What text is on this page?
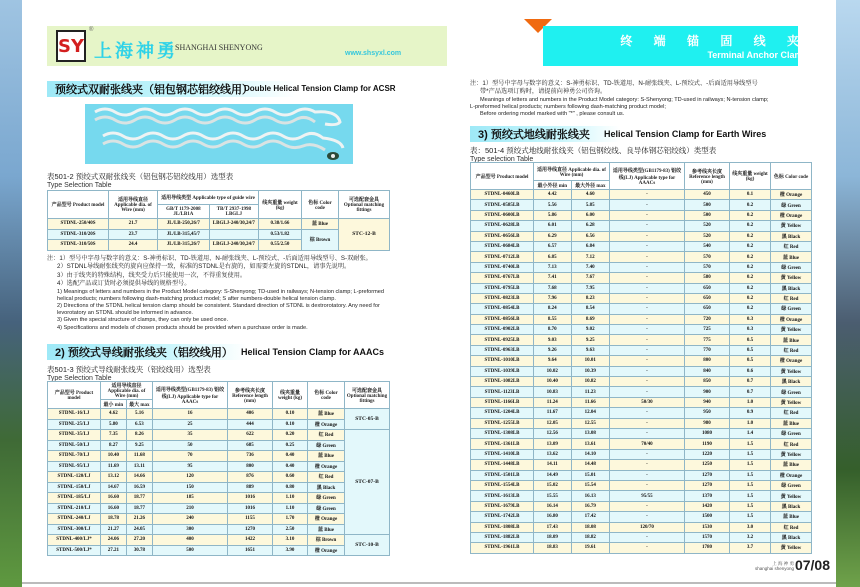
SY
®
上海神勇
SHANGHAI SHENYONG
www.shsyxl.com
终 端 锚 固 线 夹
Terminal Anchor Clamp
预绞式双耐张线夹（铝包钢芯铝绞线用）
Double Helical Tension Clamp for ACSR
表501-2 预绞式双耐张线夹（铝包钢芯铝绞线用）选型表
Type Selection Table
产品型号 Product model	适用导线直径 Applicable dia. of Wire (mm)	适用导线类型 Applicable type of guide wire		线夹重量 weight (kg)	色标 Color code	可选配套金具 Optional matching fittings
		GB/T 1179-2008 JL/LB1A	TB/T 2937-1998 LBGLJ			
STDNL-250/40S	21.7	JL/LB-250,26/7	LBGLJ-240/30,24/7	0.38/1.66	蓝 Blue	STC-12-B
STDNL-310/20S	23.7	JL/LB-315,45/7		0.53/1.82	棕 Brown	
STDNL-310/50S	24.4	JL/LB-315,26/7	LBGLJ-240/30,24/7	0.55/2.50		
注：1）型号中字母与数字的意义：S-神勇标识、TD-铁道用、N-耐张线夹、L-预绞式、-后面适用导线型号、S-双耐张。
2）STDNL导线耐张线夹的旋向应保持一致，标准的STDNL是右旋的，如需要左旋的STDNL，请事先说明。
3）由于线夹的特殊结构，线夹受力后只能使用一次，不得重复使用。
4）选配产品或订货时必须提供导线的规格型号。
1) Meanings of letters and numbers in the Product Model category: S-Shenyong; TD-used in railways; N-tension clamp; L-preformed helical products; numbers following dash-matching product model; S after numbers-double helical tension clamp.
2) Directions of the STDNL helical tension clamp should be consistent. Standard direction of STDNL is dextrorotatory. Any need for levorotatory an STDNL should be informed in advance.
3) Given the special structure of clamps, they can only be used once.
4) Specifications and models of chosen products should be provided when a purchase order is made.
2) 预绞式导线耐张线夹（铝绞线用） Helical Tension Clamp for AAACs
表501-3 预绞式导线耐张线夹（铝绞线用）选型表
Type Selection Table
产品型号 Product model	适用导线直径 Applicable dia. of Wire (mm)		适用导线类型(GB1179-83) 铝绞线(LJ) Applicable type for AAACs	参考线夹长度 Reference length (mm)	线夹重量 weight (kg)	色标 Color code	可选配套金具 Optional matching fittings
	最小 min	最大 max					
STDNL-16/LJ	4.62	5.16	16	406	0.10	蓝 Blue	STC-05-B
STDNL-25/LJ	5.80	6.53	25	444	0.10	橙 Orange	
STDNL-35/LJ	7.35	8.26	35	622	0.20	红 Red	STC-07-B
STDNL-50/LJ	8.27	9.25	50	685	0.25	绿 Green	
STDNL-70/LJ	10.40	11.68	70	736	0.40	蓝 Blue	
STDNL-95/LJ	11.69	13.11	95	800	0.40	橙 Orange	
STDNL-120/LJ	13.12	14.66	120	876	0.60	红 Red	
STDNL-150/LJ	14.67	16.59	150	889	0.80	黑 Black	
STDNL-185/LJ	16.60	18.77	185	1016	1.10	绿 Green	
STDNL-210/LJ	16.60	18.77	210	1016	1.10	绿 Green	
STDNL-240/LJ	18.78	21.26	240	1155	1.70	橙 Orange	
STDNL-300/LJ	21.27	24.05	300	1270	2.50	蓝 Blue	
STDNL-400/LJ*	24.06	27.20	400	1422	3.10	棕 Brown	STC-10-B
STDNL-500/LJ*	27.21	30.78	500	1651	3.90	橙 Orange	
注：1）型号中字母与数字的意义：S-神勇标识、TD-铁道用、N-耐张线夹、L-预绞式、-后面适用导线型号
带*产品选项订购时，请提前向神勇公司咨询。
Meanings of letters and numbers in the Product Model category: S-Shenyong; TD-used in railways; N-tension clamp;
L-preformed helical products; numbers following dash-matching product model;
Before ordering model marked with "*" , please consult us.
3) 预绞式地线耐张线夹 Helical Tension Clamp for Earth Wires
表：501-4 预绞式地线耐张线夹（铝包钢绞线、良导体钢芯铝绞线）类型表
Type selection Table
产品型号 Product model	适用导线直径 Applicable dia. of Wire (mm)		适用导线类型(GB1179-83) 铝绞线(LJ) Applicable type for AAACs	参考线夹长度 Reference length (mm)	线夹重量 weight (kg)	色标 Color code
	最小外径 min	最大外径 max				
STDNL-0460LB	4.42	4.60	-	450	0.1	橙 Orange
STDNL-0585LB	5.56	5.85	-	500	0.2	绿 Green
STDNL-0600LB	5.86	6.00	-	500	0.2	橙 Orange
STDNL-0628LB	6.01	6.28	-	520	0.2	黄 Yellow
STDNL-0656LB	6.29	6.56	-	520	0.2	黑 Black
STDNL-0684LB	6.57	6.84	-	540	0.2	红 Red
STDNL-0712LB	6.85	7.12	-	570	0.2	蓝 Blue
STDNL-0740LB	7.13	7.40	-	570	0.2	绿 Green
STDNL-0767LB	7.41	7.67	-	580	0.2	黄 Yellow
STDNL-0795LB	7.68	7.95	-	650	0.2	黑 Black
STDNL-0823LB	7.96	8.23	-	650	0.2	红 Red
STDNL-0854LB	8.24	8.54	-	650	0.2	绿 Green
STDNL-0856LB	8.55	8.69	-	720	0.3	橙 Orange
STDNL-0902LB	8.70	9.02	-	725	0.3	黄 Yellow
STDNL-0925LB	9.03	9.25	-	775	0.5	蓝 Blue
STDNL-0963LB	9.26	9.63	-	770	0.5	红 Red
STDNL-1010LB	9.64	10.01	-	800	0.5	橙 Orange
STDNL-1039LB	10.02	10.39	-	840	0.6	黄 Yellow
STDNL-1082LB	10.40	10.82	-	850	0.7	黑 Black
STDNL-1123LB	10.83	11.23	-	900	0.7	绿 Green
STDNL-1166LB	11.24	11.66	50/30	940	1.0	黄 Yellow
STDNL-1204LB	11.67	12.04	-	950	0.9	红 Red
STDNL-1255LB	12.05	12.55	-	980	1.0	蓝 Blue
STDNL-1308LB	12.56	13.08	-	1080	1.4	绿 Green
STDNL-1361LB	13.09	13.61	70/40	1190	1.5	红 Red
STDNL-1410LB	13.62	14.10	-	1220	1.5	黄 Yellow
STDNL-1448LB	14.11	14.48	-	1250	1.5	蓝 Blue
STDNL-1501LB	14.49	15.01	-	1270	1.5	橙 Orange
STDNL-1554LB	15.02	15.54	-	1270	1.5	绿 Green
STDNL-1613LB	15.55	16.13	95/55	1370	1.5	黄 Yellow
STDNL-1679LB	16.14	16.79	-	1420	1.5	黑 Black
STDNL-1742LB	16.80	17.42	-	1500	1.5	蓝 Blue
STDNL-1808LB	17.43	18.08	120/70	1530	3.0	红 Red
STDNL-1882LB	18.09	18.82	-	1570	3.2	黑 Black
STDNL-1961LB	18.83	19.61	-	1780	3.7	黄 Yellow
上 海 神 勇
shanghai shenyong 07/08
